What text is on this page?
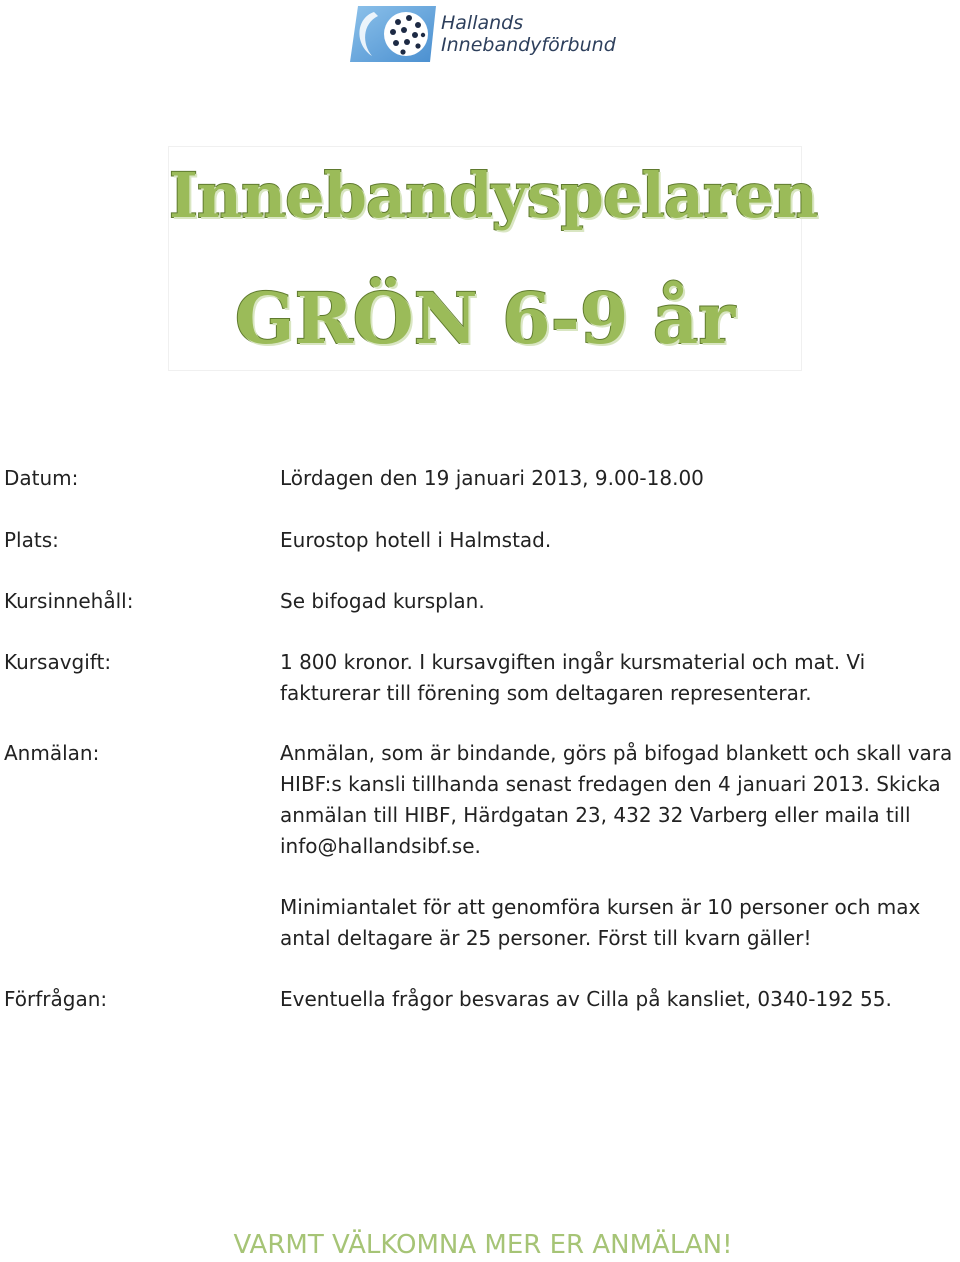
Hallands
Innebandyförbund
Innebandyspelaren
GRÖN 6-9 år
Datum:	Lördagen den 19 januari 2013, 9.00-18.00
Plats:	Eurostop hotell i Halmstad.
Kursinnehåll:	Se bifogad kursplan.
Kursavgift:	1 800 kronor. I kursavgiften ingår kursmaterial och mat. Vi fakturerar till förening som deltagaren representerar.
Anmälan:	Anmälan, som är bindande, görs på bifogad blankett och skall vara HIBF:s kansli tillhanda senast fredagen den 4 januari 2013. Skicka anmälan till HIBF, Härdgatan 23, 432 32 Varberg eller maila till info@hallandsibf.se.
Minimiantalet för att genomföra kursen är 10 personer och max antal deltagare är 25 personer. Först till kvarn gäller!
Förfrågan:	Eventuella frågor besvaras av Cilla på kansliet, 0340-192 55.
VARMT VÄLKOMNA MER ER ANMÄLAN!
